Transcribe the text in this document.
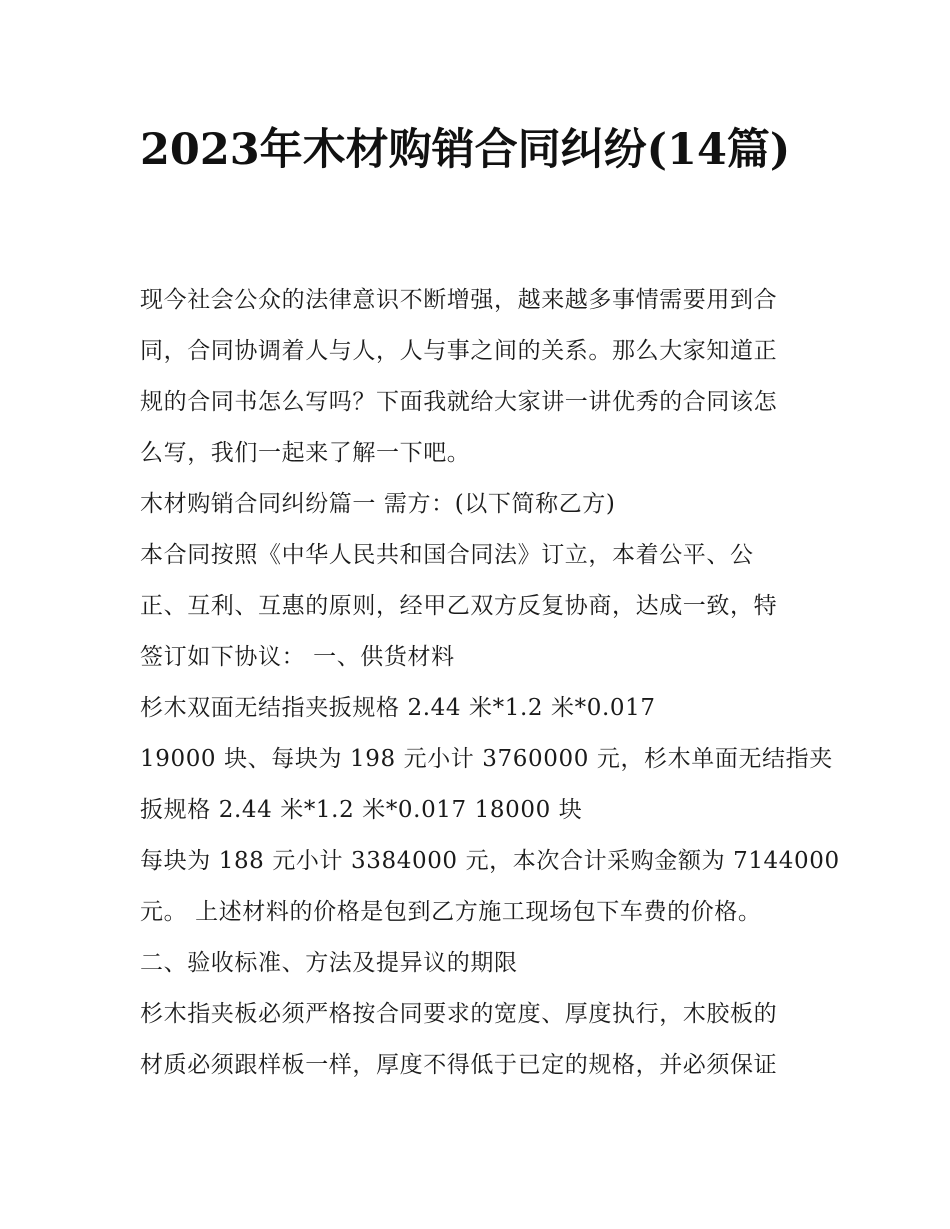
2023年木材购销合同纠纷(14篇)

现今社会公众的法律意识不断增强，越来越多事情需要用到合

同，合同协调着人与人，人与事之间的关系。那么大家知道正

规的合同书怎么写吗？下面我就给大家讲一讲优秀的合同该怎

么写，我们一起来了解一下吧。

木材购销合同纠纷篇一 需方：(以下简称乙方)

本合同按照《中华人民共和国合同法》订立，本着公平、公

正、互利、互惠的原则，经甲乙双方反复协商，达成一致，特

签订如下协议： 一、供货材料

杉木双面无结指夹扳规格 2.44 米*1.2 米*0.017

19000 块、每块为 198 元小计 3760000 元，杉木单面无结指夹

扳规格 2.44 米*1.2 米*0.017 18000 块

每块为 188 元小计 3384000 元，本次合计采购金额为 7144000

元。 上述材料的价格是包到乙方施工现场包下车费的价格。

二、验收标准、方法及提异议的期限

杉木指夹板必须严格按合同要求的宽度、厚度执行，木胶板的

材质必须跟样板一样，厚度不得低于已定的规格，并必须保证
